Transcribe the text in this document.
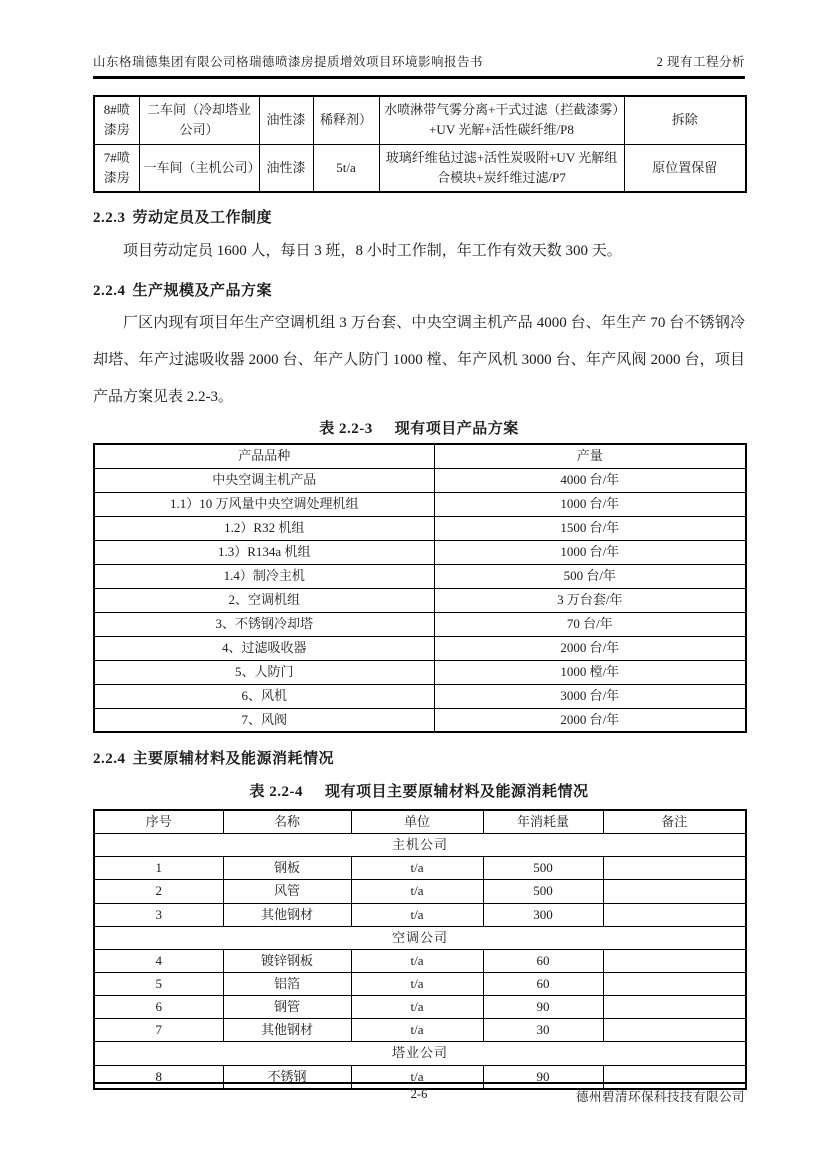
山东格瑞德集团有限公司格瑞德喷漆房提质增效项目环境影响报告书	2 现有工程分析
8#喷漆房	二车间（冷却塔业公司）	油性漆	稀释剂）	水喷淋带气雾分离+干式过滤（拦截漆雾）+UV 光解+活性碳纤维/P8	拆除
7#喷漆房	一车间（主机公司）	油性漆	5t/a	玻璃纤维毡过滤+活性炭吸附+UV 光解组合模块+炭纤维过滤/P7	原位置保留
2.2.3 劳动定员及工作制度

项目劳动定员 1600 人，每日 3 班，8 小时工作制，年工作有效天数 300 天。

2.2.4 生产规模及产品方案

厂区内现有项目年生产空调机组 3 万台套、中央空调主机产品 4000 台、年生产 70 台不锈钢冷却塔、年产过滤吸收器 2000 台、年产人防门 1000 樘、年产风机 3000 台、年产风阀 2000 台，项目产品方案见表 2.2-3。

表 2.2-3 现有项目产品方案
产品品种	产量
中央空调主机产品	4000 台/年
1.1）10 万风量中央空调处理机组	1000 台/年
1.2）R32 机组	1500 台/年
1.3）R134a 机组	1000 台/年
1.4）制冷主机	500 台/年
2、空调机组	3 万台套/年
3、不锈钢冷却塔	70 台/年
4、过滤吸收器	2000 台/年
5、人防门	1000 樘/年
6、风机	3000 台/年
7、风阀	2000 台/年
2.2.4 主要原辅材料及能源消耗情况
表 2.2-4 现有项目主要原辅材料及能源消耗情况
序号	名称	单位	年消耗量	备注
主机公司				
1	钢板	t/a	500	
2	风管	t/a	500	
3	其他钢材	t/a	300	
空调公司				
4	镀锌钢板	t/a	60	
5	铝箔	t/a	60	
6	钢管	t/a	90	
7	其他钢材	t/a	30	
塔业公司				
8	不锈钢	t/a	90	
2-6	德州碧清环保科技技有限公司
